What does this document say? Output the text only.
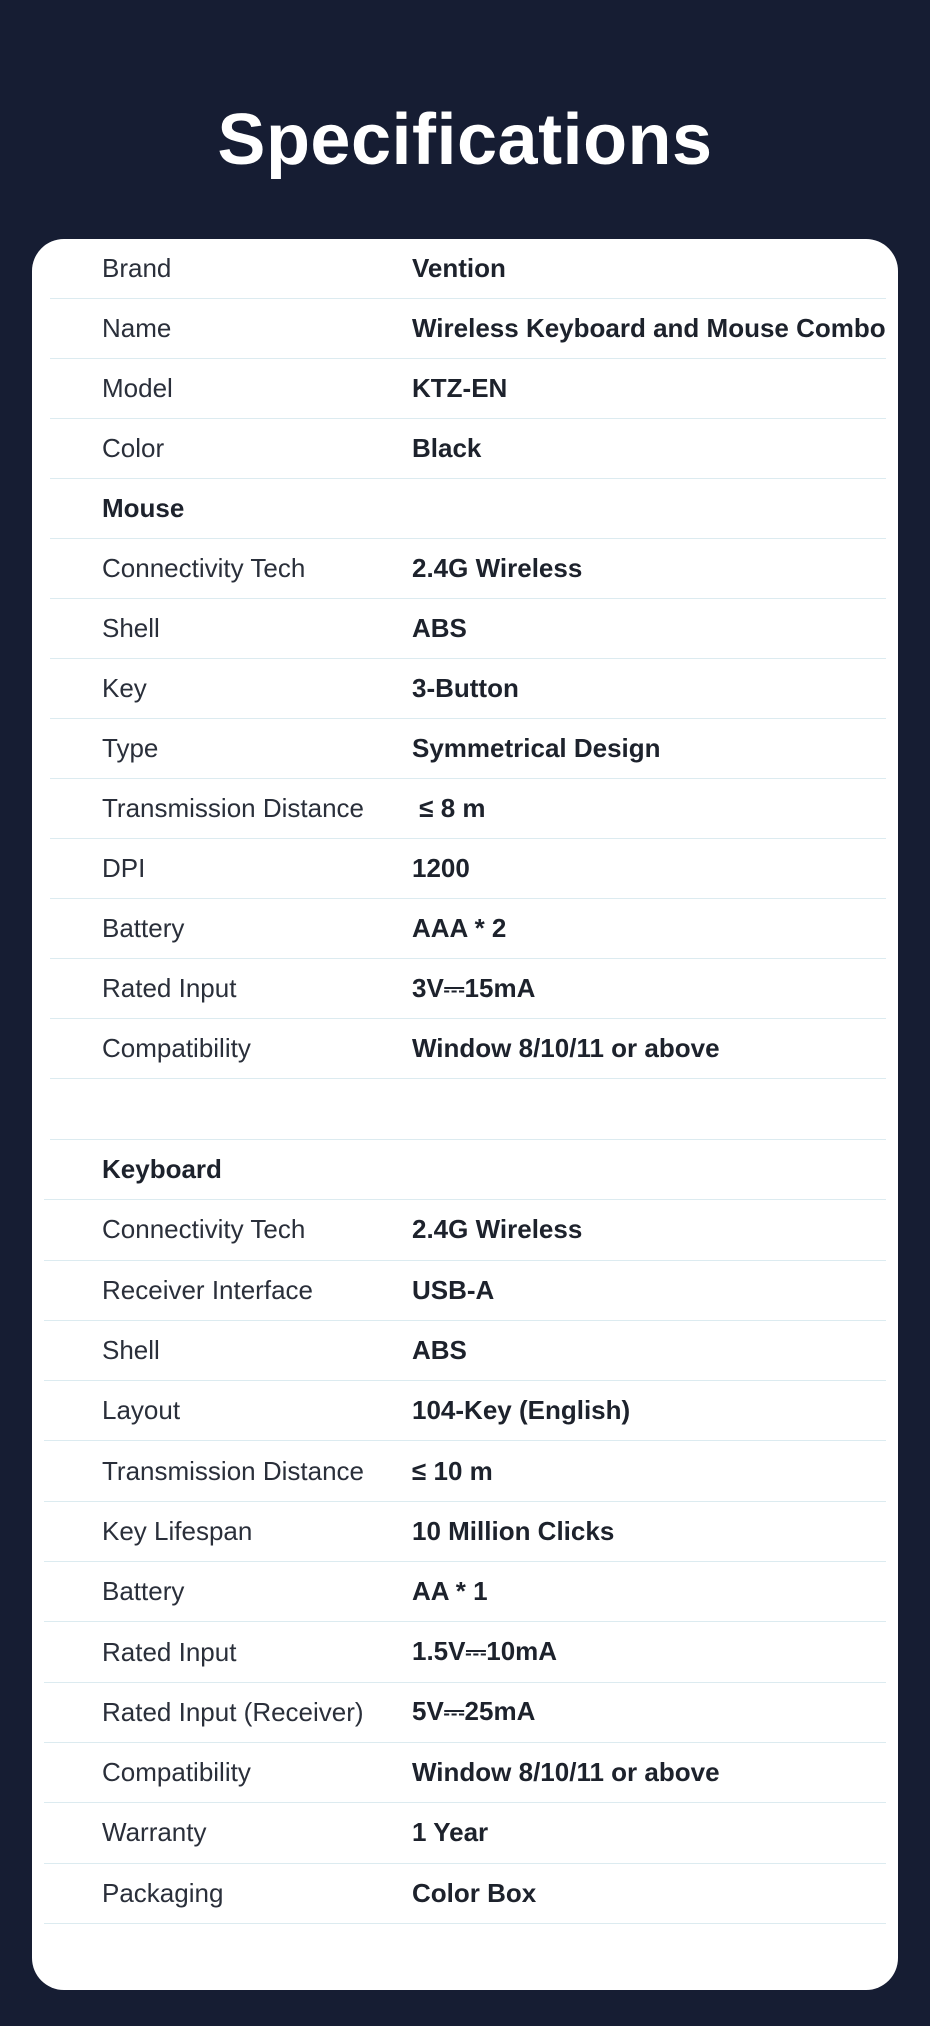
Specifications
Brand	Vention
Name	Wireless Keyboard and Mouse Combo
Model	KTZ-EN
Color	Black
Mouse
Connectivity Tech	2.4G Wireless
Shell	ABS
Key	3-Button
Type	Symmetrical Design
Transmission Distance ≤ 8 m
DPI	1200
Battery	AAA * 2
Rated Input	3V⎓15mA
Compatibility	Window 8/10/11 or above
Keyboard
Connectivity Tech	2.4G Wireless
Receiver Interface	USB-A
Shell	ABS
Layout	104-Key (English)
Transmission Distance ≤ 10 m
Key Lifespan	10 Million Clicks
Battery	AA * 1
Rated Input	1.5V⎓10mA
Rated Input (Receiver) 5V⎓25mA
Compatibility	Window 8/10/11 or above
Warranty	1 Year
Packaging	Color Box
